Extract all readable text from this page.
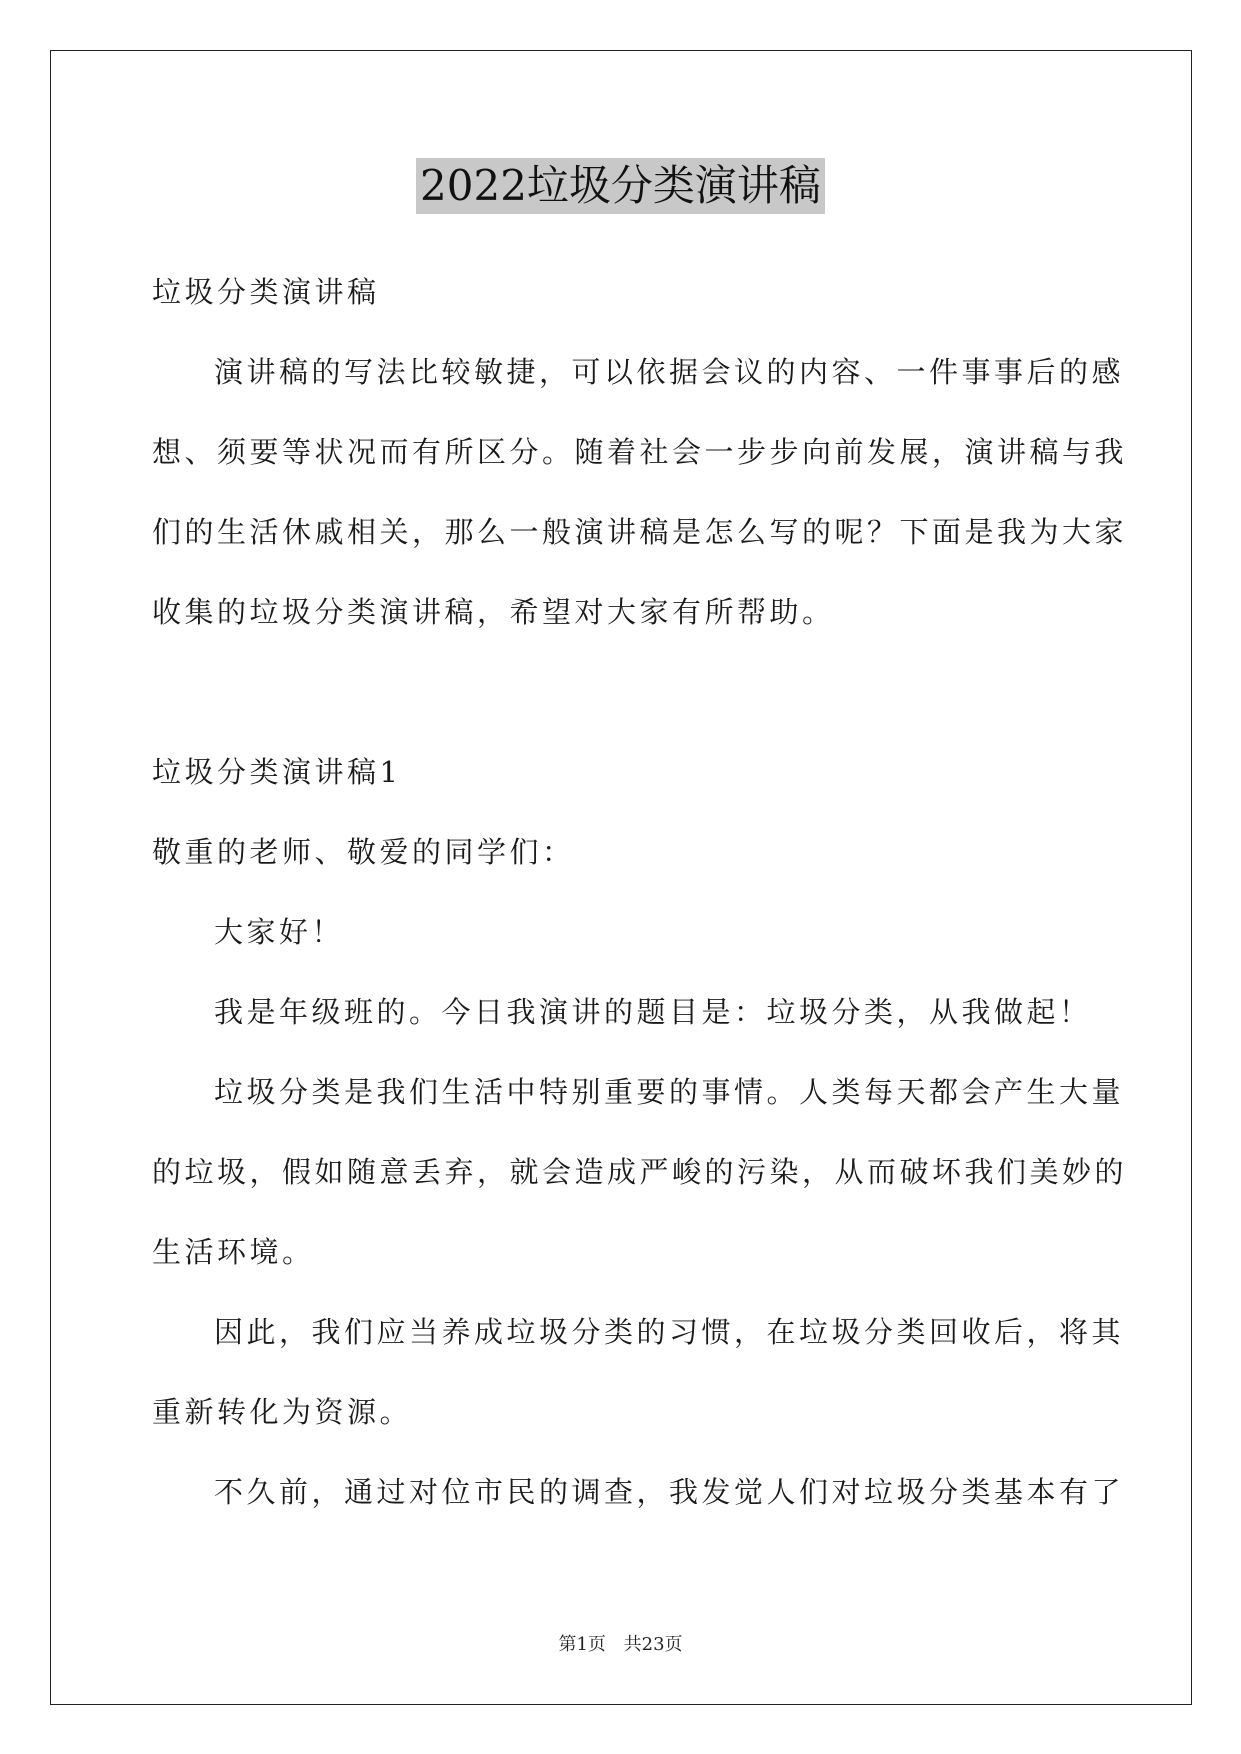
2022垃圾分类演讲稿
垃圾分类演讲稿
演讲稿的写法比较敏捷，可以依据会议的内容、一件事事后的感
想、须要等状况而有所区分。随着社会一步步向前发展，演讲稿与我
们的生活休戚相关，那么一般演讲稿是怎么写的呢？下面是我为大家
收集的垃圾分类演讲稿，希望对大家有所帮助。
垃圾分类演讲稿1
敬重的老师、敬爱的同学们：
大家好！
我是年级班的。今日我演讲的题目是：垃圾分类，从我做起！
垃圾分类是我们生活中特别重要的事情。人类每天都会产生大量
的垃圾，假如随意丢弃，就会造成严峻的污染，从而破坏我们美妙的
生活环境。
因此，我们应当养成垃圾分类的习惯，在垃圾分类回收后，将其
重新转化为资源。
不久前，通过对位市民的调查，我发觉人们对垃圾分类基本有了
第1页 共23页
